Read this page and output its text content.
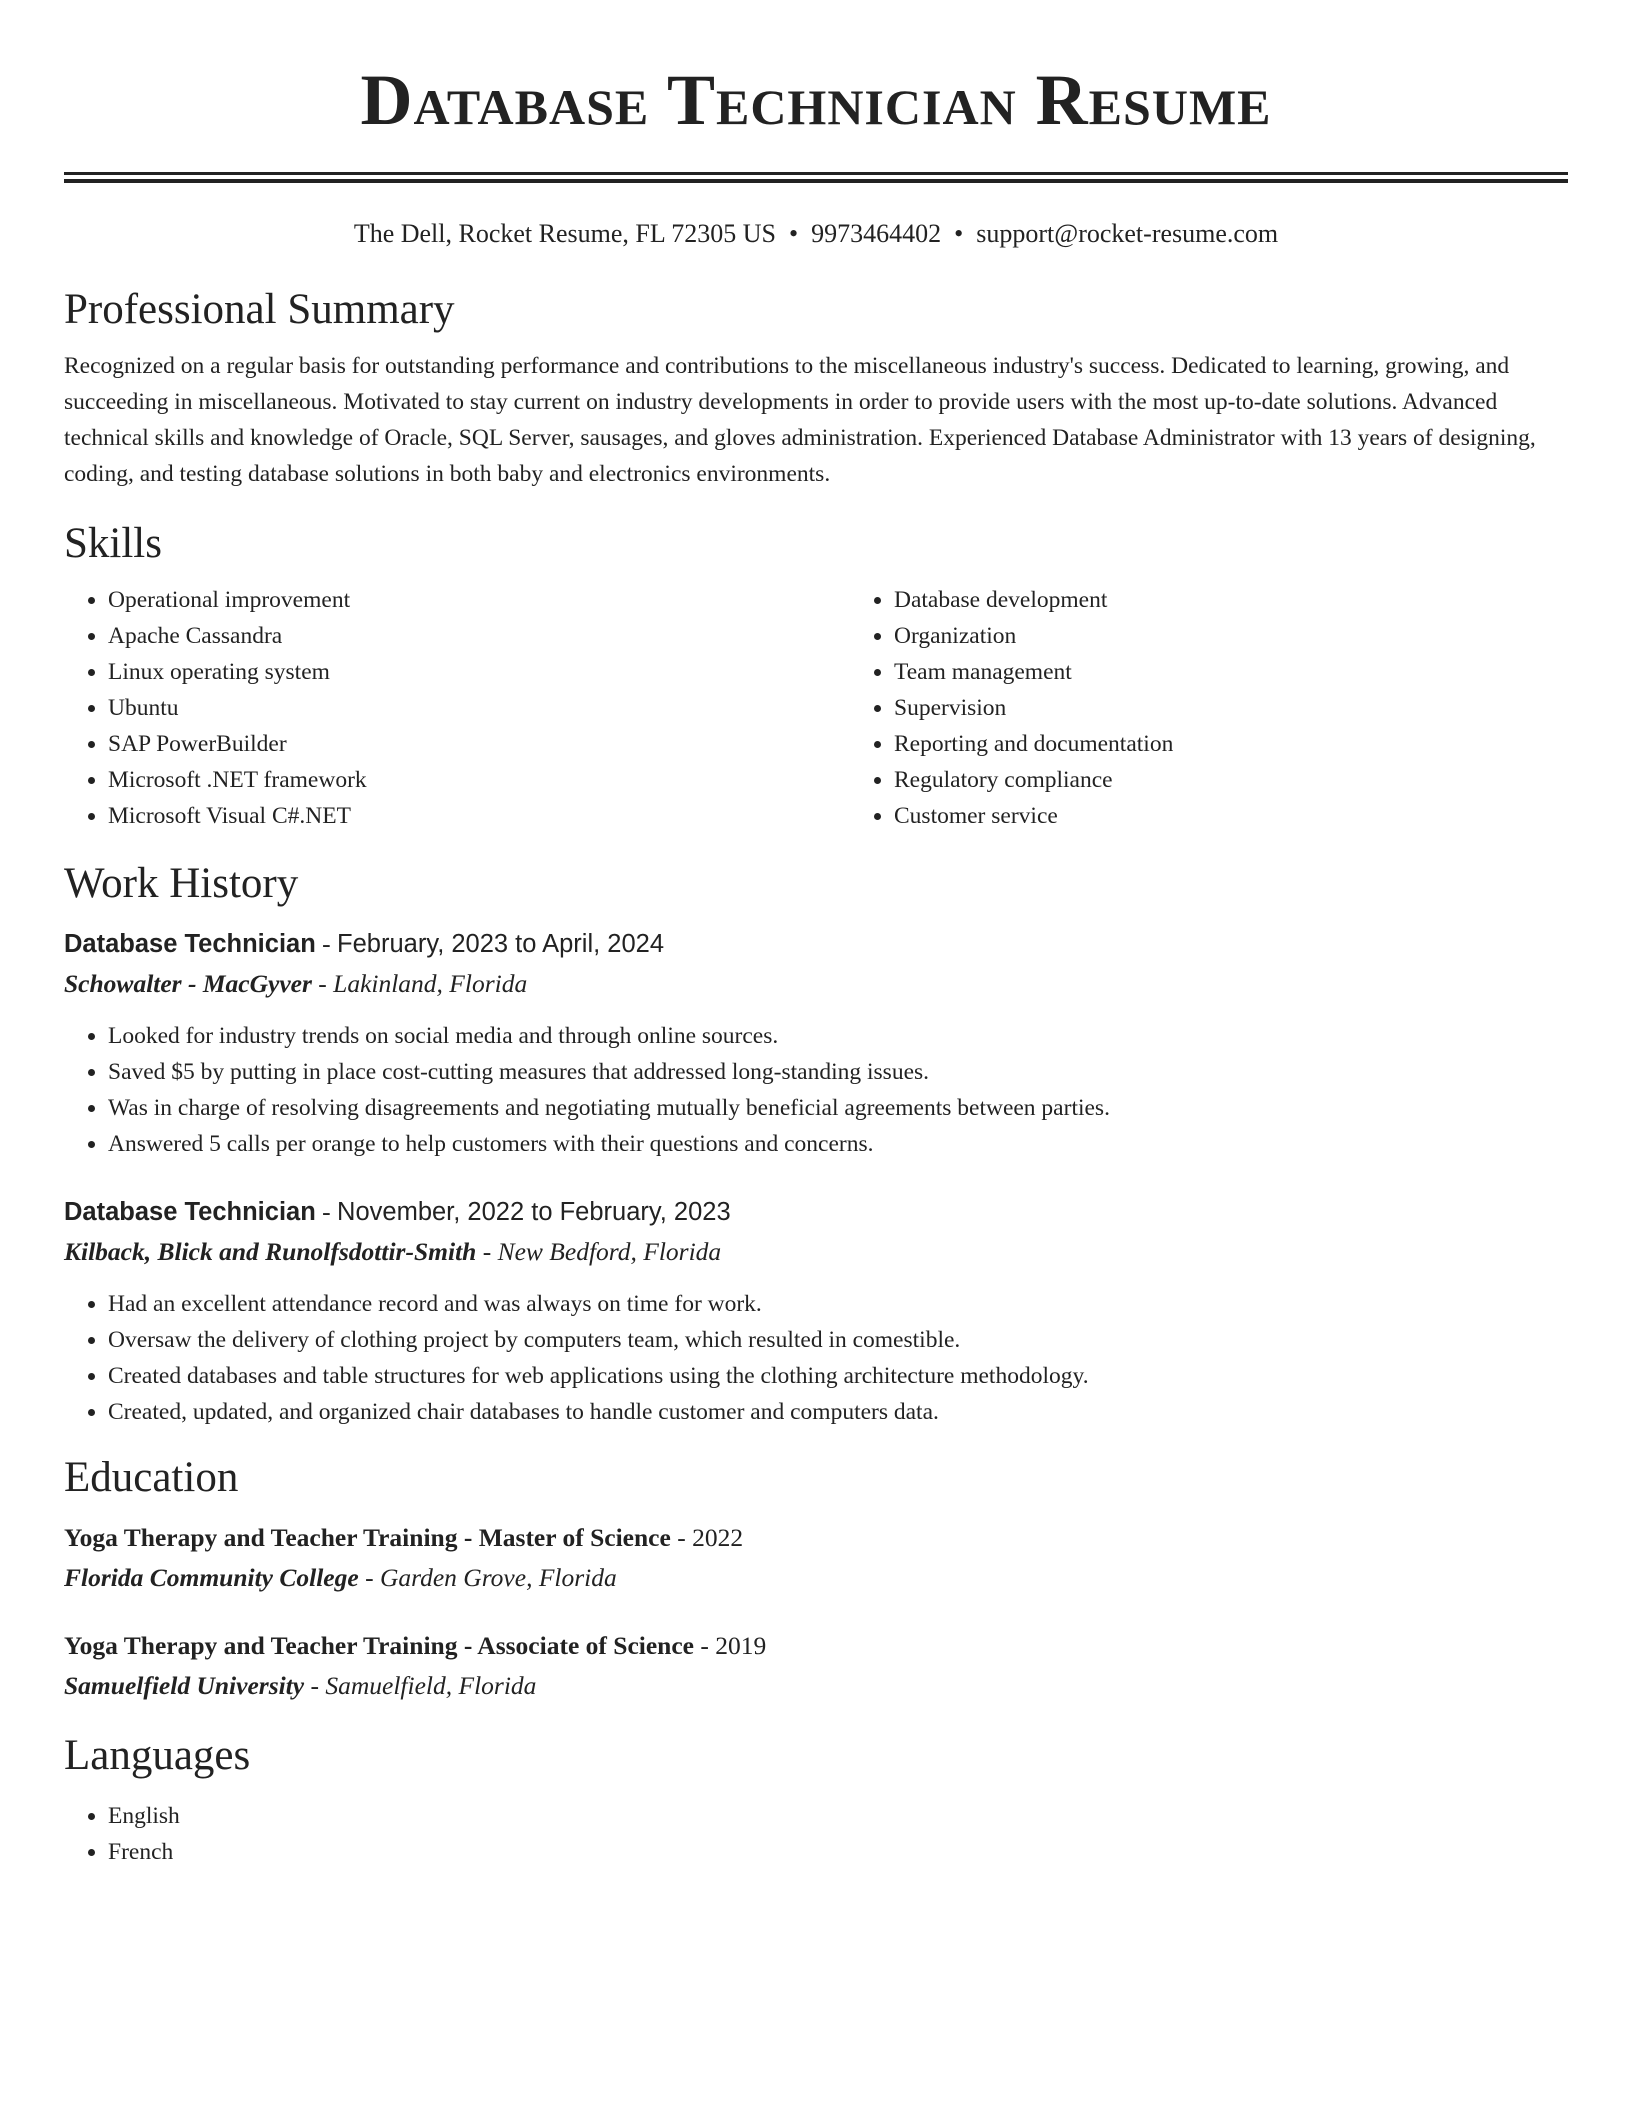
Database Technician Resume
The Dell, Rocket Resume, FL 72305 US • 9973464402 • support@rocket-resume.com
Professional Summary

Recognized on a regular basis for outstanding performance and contributions to the miscellaneous industry's success. Dedicated to learning, growing, and succeeding in miscellaneous. Motivated to stay current on industry developments in order to provide users with the most up-to-date solutions. Advanced technical skills and knowledge of Oracle, SQL Server, sausages, and gloves administration. Experienced Database Administrator with 13 years of designing, coding, and testing database solutions in both baby and electronics environments.

Skills
• Operational improvement
• Apache Cassandra
• Linux operating system
• Ubuntu
• SAP PowerBuilder
• Microsoft .NET framework
• Microsoft Visual C#.NET
• Database development
• Organization
• Team management
• Supervision
• Reporting and documentation
• Regulatory compliance
• Customer service
Work History
Database Technician - February, 2023 to April, 2024
Schowalter - MacGyver - Lakinland, Florida
• Looked for industry trends on social media and through online sources.
• Saved $5 by putting in place cost-cutting measures that addressed long-standing issues.
• Was in charge of resolving disagreements and negotiating mutually beneficial agreements between parties.
• Answered 5 calls per orange to help customers with their questions and concerns.
Database Technician - November, 2022 to February, 2023
Kilback, Blick and Runolfsdottir-Smith - New Bedford, Florida
• Had an excellent attendance record and was always on time for work.
• Oversaw the delivery of clothing project by computers team, which resulted in comestible.
• Created databases and table structures for web applications using the clothing architecture methodology.
• Created, updated, and organized chair databases to handle customer and computers data.
Education
Yoga Therapy and Teacher Training - Master of Science - 2022
Florida Community College - Garden Grove, Florida
Yoga Therapy and Teacher Training - Associate of Science - 2019
Samuelfield University - Samuelfield, Florida
Languages
• English
• French
